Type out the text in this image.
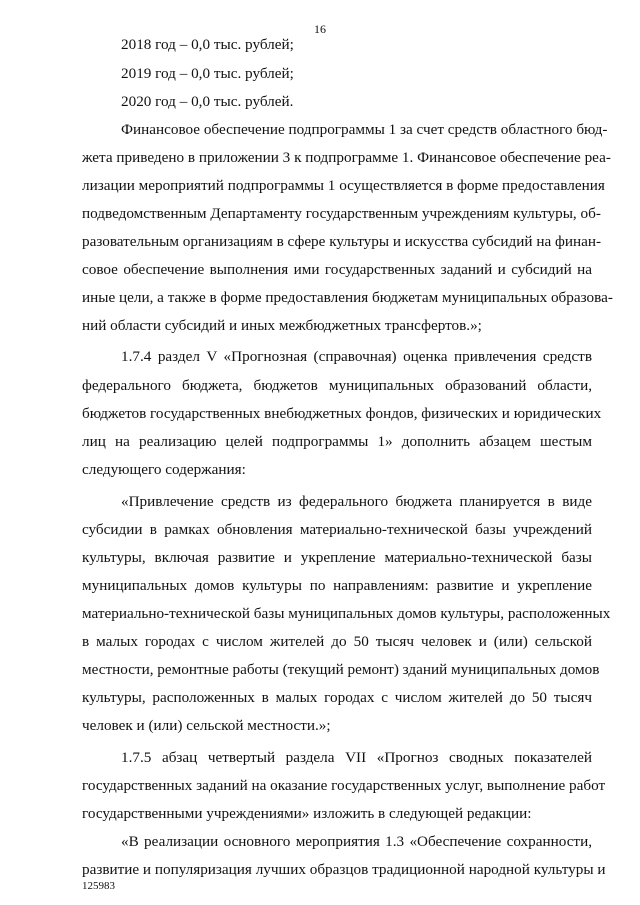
16
2018 год – 0,0 тыс. рублей;
2019 год – 0,0 тыс. рублей;
2020 год – 0,0 тыс. рублей.
Финансовое обеспечение подпрограммы 1 за счет средств областного бюд-
жета приведено в приложении 3 к подпрограмме 1. Финансовое обеспечение реа-
лизации мероприятий подпрограммы 1 осуществляется в форме предоставления
подведомственным Департаменту государственным учреждениям культуры, об-
разовательным организациям в сфере культуры и искусства субсидий на финан-
совое обеспечение выполнения ими государственных заданий и субсидий на
иные цели, а также в форме предоставления бюджетам муниципальных образова-
ний области субсидий и иных межбюджетных трансфертов.»;
1.7.4 раздел V «Прогнозная (справочная) оценка привлечения средств
федерального бюджета, бюджетов муниципальных образований области,
бюджетов государственных внебюджетных фондов, физических и юридических
лиц на реализацию целей подпрограммы 1» дополнить абзацем шестым
следующего содержания:
«Привлечение средств из федерального бюджета планируется в виде
субсидии в рамках обновления материально-технической базы учреждений
культуры, включая развитие и укрепление материально-технической базы
муниципальных домов культуры по направлениям: развитие и укрепление
материально-технической базы муниципальных домов культуры, расположенных
в малых городах с числом жителей до 50 тысяч человек и (или) сельской
местности, ремонтные работы (текущий ремонт) зданий муниципальных домов
культуры, расположенных в малых городах с числом жителей до 50 тысяч
человек и (или) сельской местности.»;
1.7.5 абзац четвертый раздела VII «Прогноз сводных показателей
государственных заданий на оказание государственных услуг, выполнение работ
государственными учреждениями» изложить в следующей редакции:
«В реализации основного мероприятия 1.3 «Обеспечение сохранности,
развитие и популяризация лучших образцов традиционной народной культуры и
125983
